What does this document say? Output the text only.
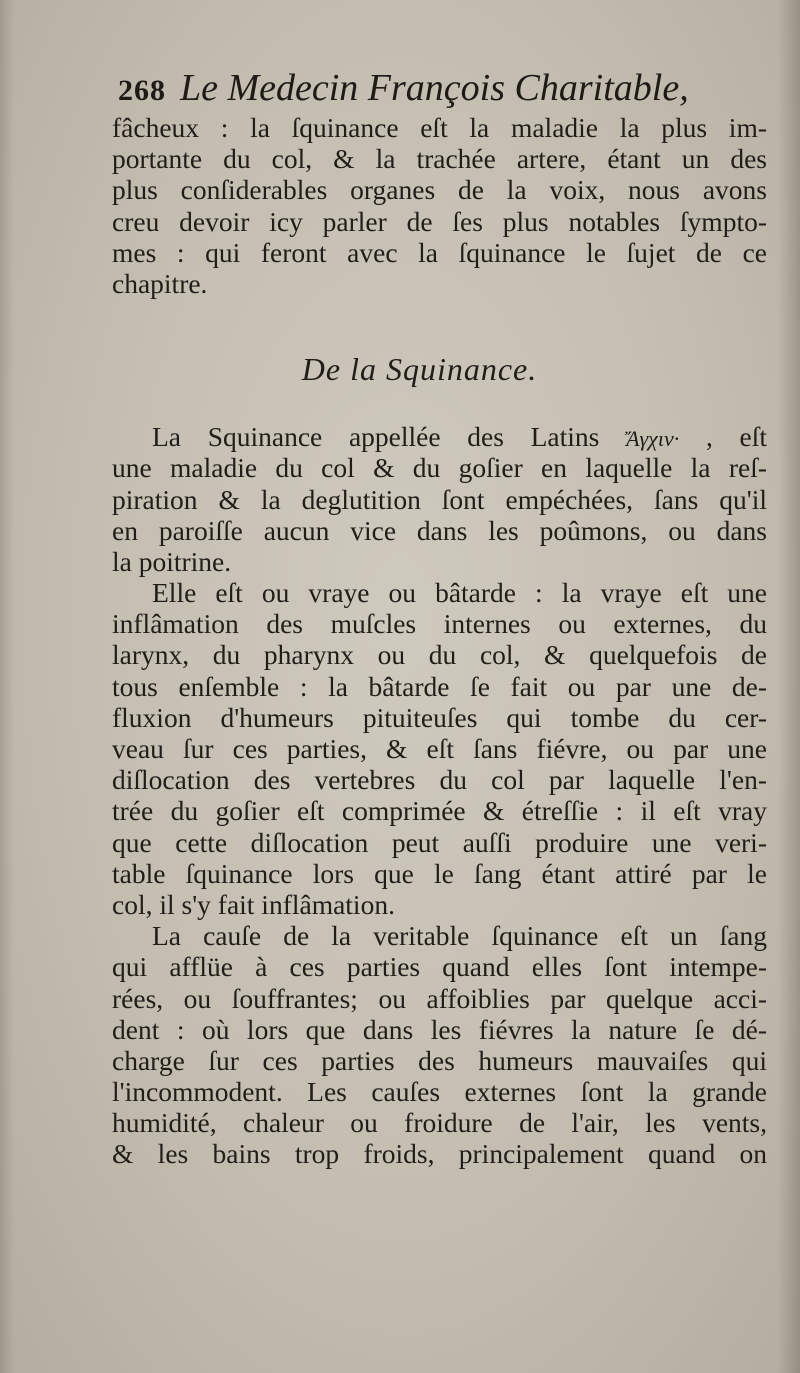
268 Le Medecin François Charitable,
fâcheux : la ſquinance eſt la maladie la plus im-
portante du col, & la trachée artere, étant un des
plus conſiderables organes de la voix, nous avons
creu devoir icy parler de ſes plus notables ſympto-
mes : qui feront avec la ſquinance le ſujet de ce
chapitre.
De la Squinance.
La Squinance appellée des Latins Ἄγχιν· , eſt
une maladie du col & du goſier en laquelle la reſ-
piration & la deglutition ſont empéchées, ſans qu'il
en paroiſſe aucun vice dans les poûmons, ou dans
la poitrine.
Elle eſt ou vraye ou bâtarde : la vraye eſt une
inflâmation des muſcles internes ou externes, du
larynx, du pharynx ou du col, & quelquefois de
tous enſemble : la bâtarde ſe fait ou par une de-
fluxion d'humeurs pituiteuſes qui tombe du cer-
veau ſur ces parties, & eſt ſans fiévre, ou par une
diſlocation des vertebres du col par laquelle l'en-
trée du goſier eſt comprimée & étreſſie : il eſt vray
que cette diſlocation peut auſſi produire une veri-
table ſquinance lors que le ſang étant attiré par le
col, il s'y fait inflâmation.
La cauſe de la veritable ſquinance eſt un ſang
qui afflüe à ces parties quand elles ſont intempe-
rées, ou ſouffrantes; ou affoiblies par quelque acci-
dent : où lors que dans les fiévres la nature ſe dé-
charge ſur ces parties des humeurs mauvaiſes qui
l'incommodent. Les cauſes externes ſont la grande
humidité, chaleur ou froidure de l'air, les vents,
& les bains trop froids, principalement quand on
